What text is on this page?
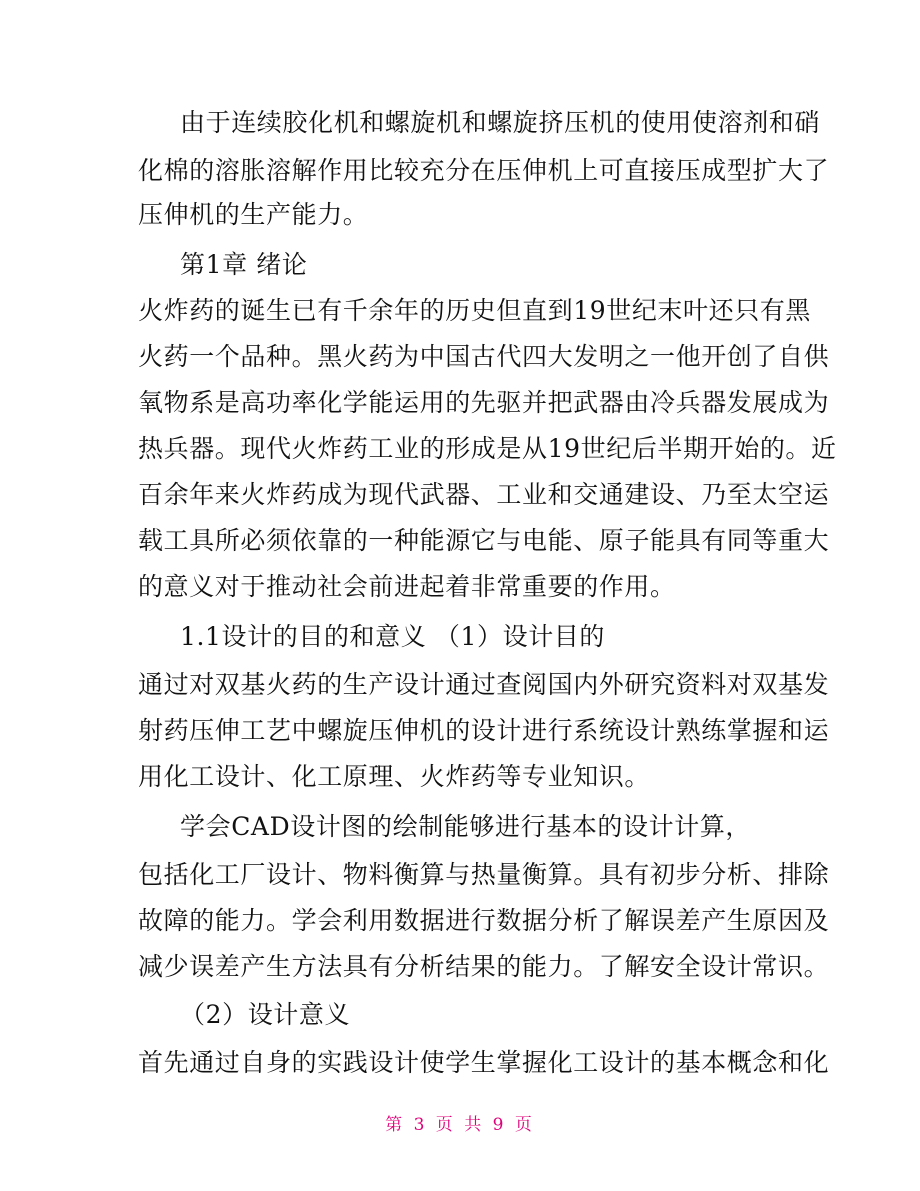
由于连续胶化机和螺旋机和螺旋挤压机的使用使溶剂和硝
化棉的溶胀溶解作用比较充分在压伸机上可直接压成型扩大了
压伸机的生产能力。
第1章 绪论
火炸药的诞生已有千余年的历史但直到19世纪末叶还只有黑
火药一个品种。黑火药为中国古代四大发明之一他开创了自供
氧物系是高功率化学能运用的先驱并把武器由冷兵器发展成为
热兵器。现代火炸药工业的形成是从19世纪后半期开始的。近
百余年来火炸药成为现代武器、工业和交通建设、乃至太空运
载工具所必须依靠的一种能源它与电能、原子能具有同等重大
的意义对于推动社会前进起着非常重要的作用。
1.1设计的目的和意义 （1）设计目的
通过对双基火药的生产设计通过查阅国内外研究资料对双基发
射药压伸工艺中螺旋压伸机的设计进行系统设计熟练掌握和运
用化工设计、化工原理、火炸药等专业知识。
学会CAD设计图的绘制能够进行基本的设计计算，
包括化工厂设计、物料衡算与热量衡算。具有初步分析、排除
故障的能力。学会利用数据进行数据分析了解误差产生原因及
减少误差产生方法具有分析结果的能力。了解安全设计常识。
（2）设计意义
首先通过自身的实践设计使学生掌握化工设计的基本概念和化
第 3 页 共 9 页
